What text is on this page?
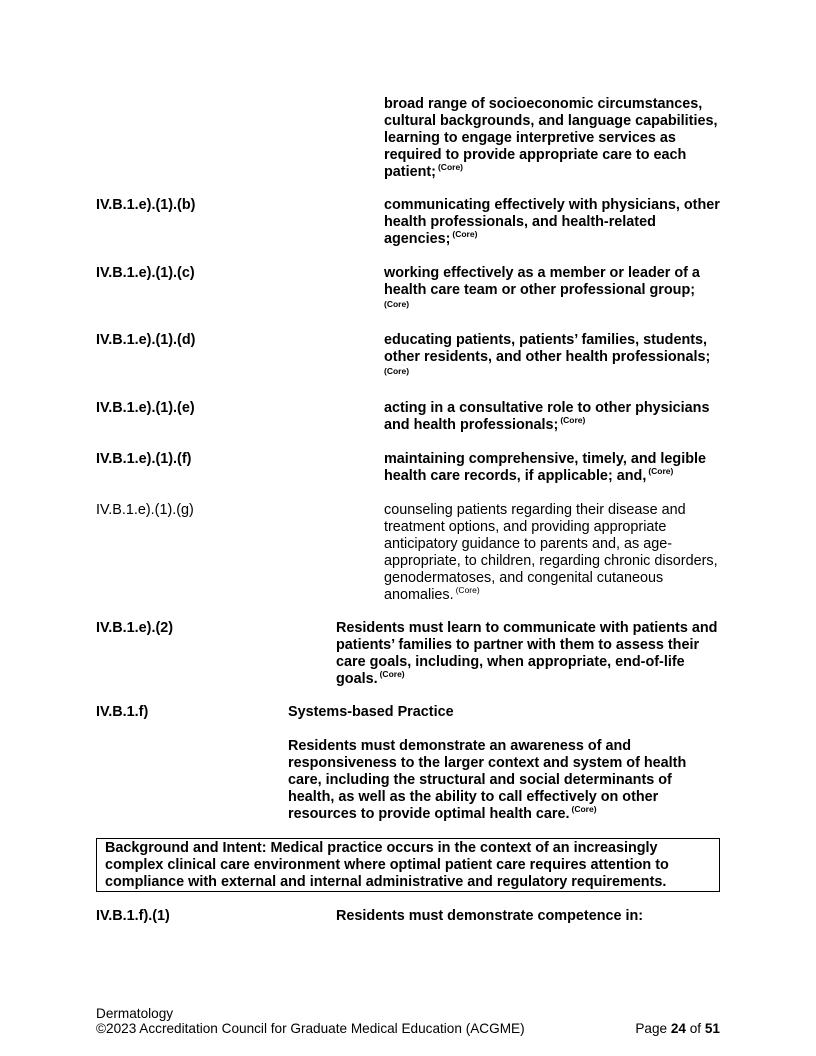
broad range of socioeconomic circumstances, cultural backgrounds, and language capabilities, learning to engage interpretive services as required to provide appropriate care to each patient; $^{(Core)}$
IV.B.1.e).(1).(b)	communicating effectively with physicians, other health professionals, and health-related agencies; $^{(Core)}$
IV.B.1.e).(1).(c)	working effectively as a member or leader of a health care team or other professional group;
(Core)
IV.B.1.e).(1).(d)	educating patients, patients’ families, students, other residents, and other health professionals;
(Core)
IV.B.1.e).(1).(e)	acting in a consultative role to other physicians and health professionals; $^{(Core)}$
IV.B.1.e).(1).(f)	maintaining comprehensive, timely, and legible health care records, if applicable; and, $^{(Core)}$
IV.B.1.e).(1).(g)	counseling patients regarding their disease and treatment options, and providing appropriate anticipatory guidance to parents and, as age-appropriate, to children, regarding chronic disorders, genodermatoses, and congenital cutaneous anomalies. $^{(Core)}$
IV.B.1.e).(2)	Residents must learn to communicate with patients and patients’ families to partner with them to assess their care goals, including, when appropriate, end-of-life goals. $^{(Core)}$
IV.B.1.f)	Systems-based Practice
Residents must demonstrate an awareness of and responsiveness to the larger context and system of health care, including the structural and social determinants of health, as well as the ability to call effectively on other resources to provide optimal health care. $^{(Core)}$
Background and Intent: Medical practice occurs in the context of an increasingly complex clinical care environment where optimal patient care requires attention to compliance with external and internal administrative and regulatory requirements.
IV.B.1.f).(1)	Residents must demonstrate competence in:
Dermatology
©2023 Accreditation Council for Graduate Medical Education (ACGME)	Page 24 of 51
